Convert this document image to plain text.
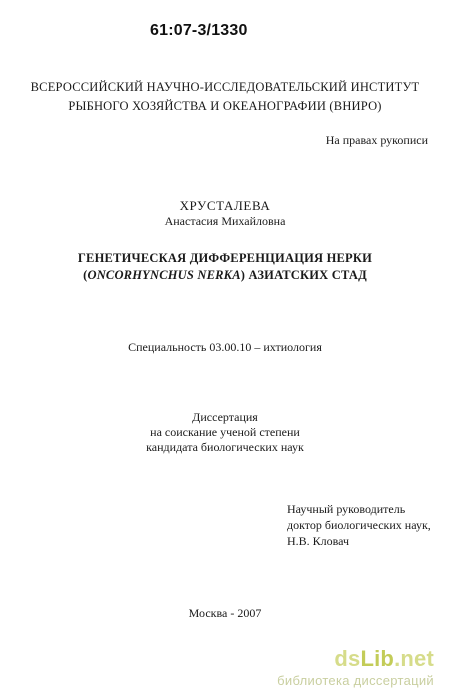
61:07-3/1330
ВСЕРОССИЙСКИЙ НАУЧНО-ИССЛЕДОВАТЕЛЬСКИЙ ИНСТИТУТ
РЫБНОГО ХОЗЯЙСТВА И ОКЕАНОГРАФИИ (ВНИРО)
На правах рукописи
ХРУСТАЛЕВА
Анастасия Михайловна
ГЕНЕТИЧЕСКАЯ ДИФФЕРЕНЦИАЦИЯ НЕРКИ
(ONCORHYNCHUS NERKA) АЗИАТСКИХ СТАД
Специальность 03.00.10 – ихтиология
Диссертация
на соискание ученой степени
кандидата биологических наук
Научный руководитель
доктор биологических наук,
Н.В. Кловач
Москва - 2007
dsLib.net
библиотека диссертаций
